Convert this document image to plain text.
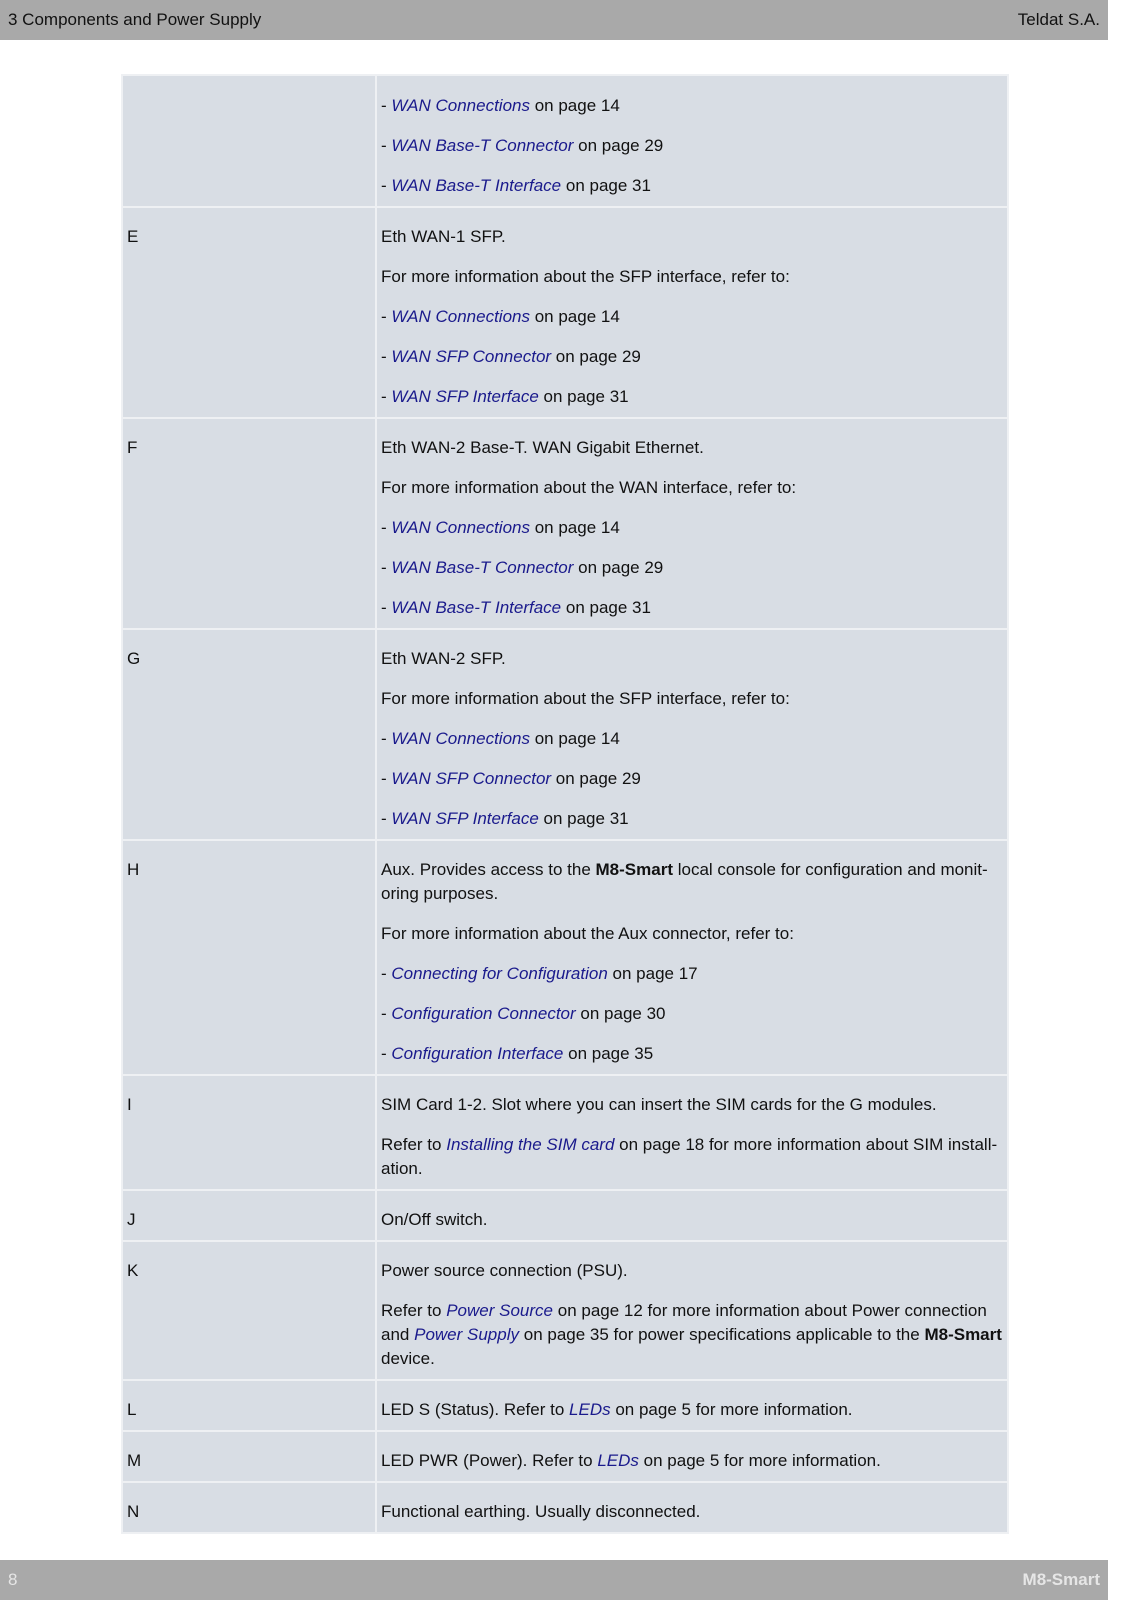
3 Components and Power Supply	Teldat S.A.

	- WAN Connections on page 14

- WAN Base-T Connector on page 29

- WAN Base-T Interface on page 31

E	Eth WAN-1 SFP.

For more information about the SFP interface, refer to:

- WAN Connections on page 14

- WAN SFP Connector on page 29

- WAN SFP Interface on page 31

F	Eth WAN-2 Base-T. WAN Gigabit Ethernet.

For more information about the WAN interface, refer to:

- WAN Connections on page 14

- WAN Base-T Connector on page 29

- WAN Base-T Interface on page 31

G	Eth WAN-2 SFP.

For more information about the SFP interface, refer to:

- WAN Connections on page 14

- WAN SFP Connector on page 29

- WAN SFP Interface on page 31

H	Aux. Provides access to the M8-Smart local console for configuration and monit-oring purposes.

For more information about the Aux connector, refer to:

- Connecting for Configuration on page 17

- Configuration Connector on page 30

- Configuration Interface on page 35

I	SIM Card 1-2. Slot where you can insert the SIM cards for the G modules.

Refer to Installing the SIM card on page 18 for more information about SIM install-ation.

J	On/Off switch.

K	Power source connection (PSU).

Refer to Power Source on page 12 for more information about Power connection and Power Supply on page 35 for power specifications applicable to the M8-Smart device.

L	LED S (Status). Refer to LEDs on page 5 for more information.

M	LED PWR (Power). Refer to LEDs on page 5 for more information.

N	Functional earthing. Usually disconnected.

8	M8-Smart
